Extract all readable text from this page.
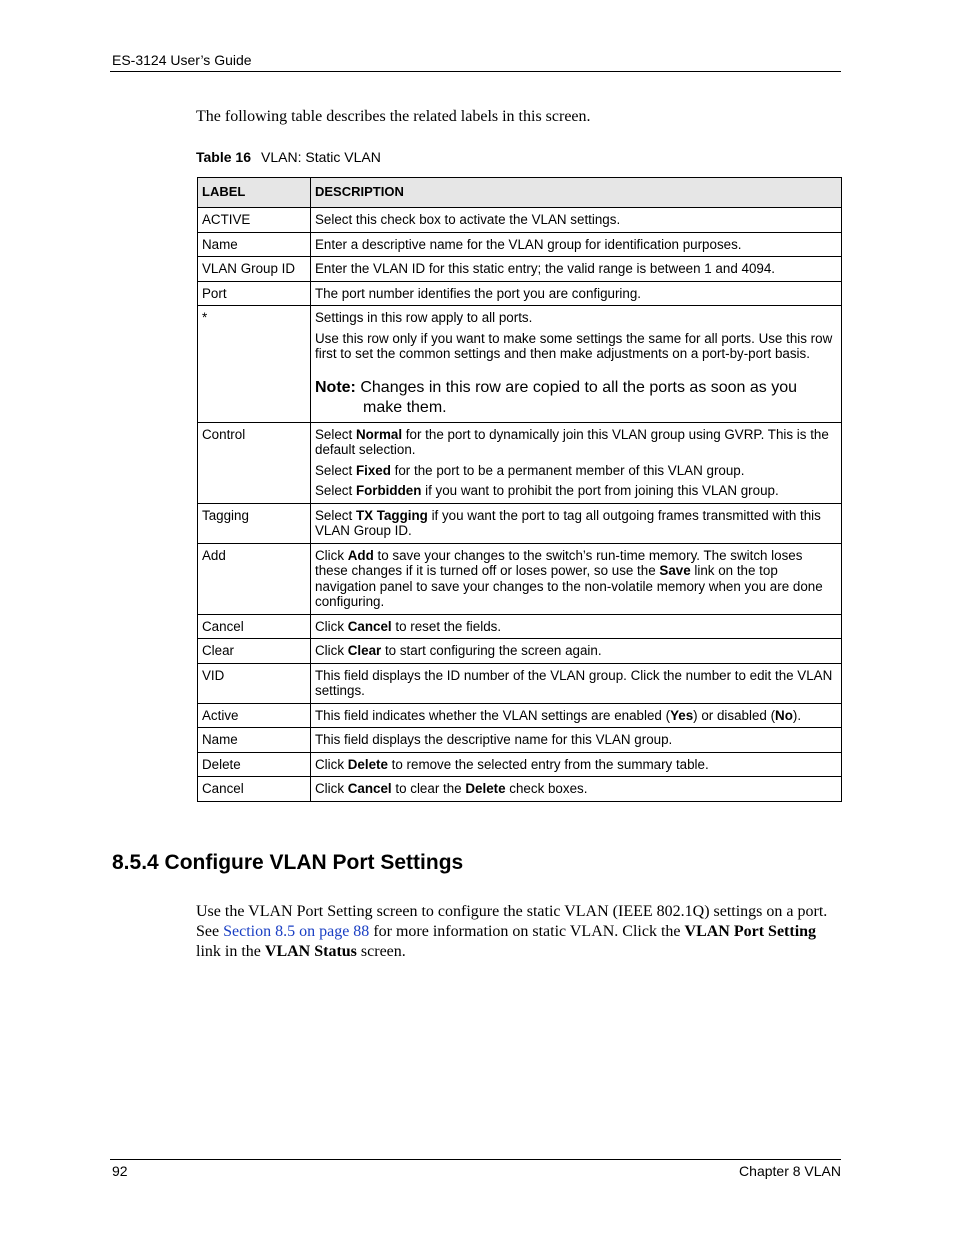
ES-3124 User’s Guide
The following table describes the related labels in this screen.
Table 16 VLAN: Static VLAN
LABEL	DESCRIPTION
ACTIVE	Select this check box to activate the VLAN settings.
Name	Enter a descriptive name for the VLAN group for identification purposes.
VLAN Group ID	Enter the VLAN ID for this static entry; the valid range is between 1 and 4094.
Port	The port number identifies the port you are configuring.
*	Settings in this row apply to all ports.

Use this row only if you want to make some settings the same for all ports. Use this row first to set the common settings and then make adjustments on a port-by-port basis.

Note: Changes in this row are copied to all the ports as soon as you make them.

Control	Select Normal for the port to dynamically join this VLAN group using GVRP. This is the default selection.

Select Fixed for the port to be a permanent member of this VLAN group.

Select Forbidden if you want to prohibit the port from joining this VLAN group.

Tagging	Select TX Tagging if you want the port to tag all outgoing frames transmitted with this VLAN Group ID.
Add	Click Add to save your changes to the switch’s run-time memory. The switch loses these changes if it is turned off or loses power, so use the Save link on the top navigation panel to save your changes to the non-volatile memory when you are done configuring.
Cancel	Click Cancel to reset the fields.
Clear	Click Clear to start configuring the screen again.
VID	This field displays the ID number of the VLAN group. Click the number to edit the VLAN settings.
Active	This field indicates whether the VLAN settings are enabled (Yes) or disabled (No).
Name	This field displays the descriptive name for this VLAN group.
Delete	Click Delete to remove the selected entry from the summary table.
Cancel	Click Cancel to clear the Delete check boxes.
8.5.4 Configure VLAN Port Settings
Use the VLAN Port Setting screen to configure the static VLAN (IEEE 802.1Q) settings on a port. See Section 8.5 on page 88 for more information on static VLAN. Click the VLAN Port Setting link in the VLAN Status screen.
92	Chapter 8 VLAN
